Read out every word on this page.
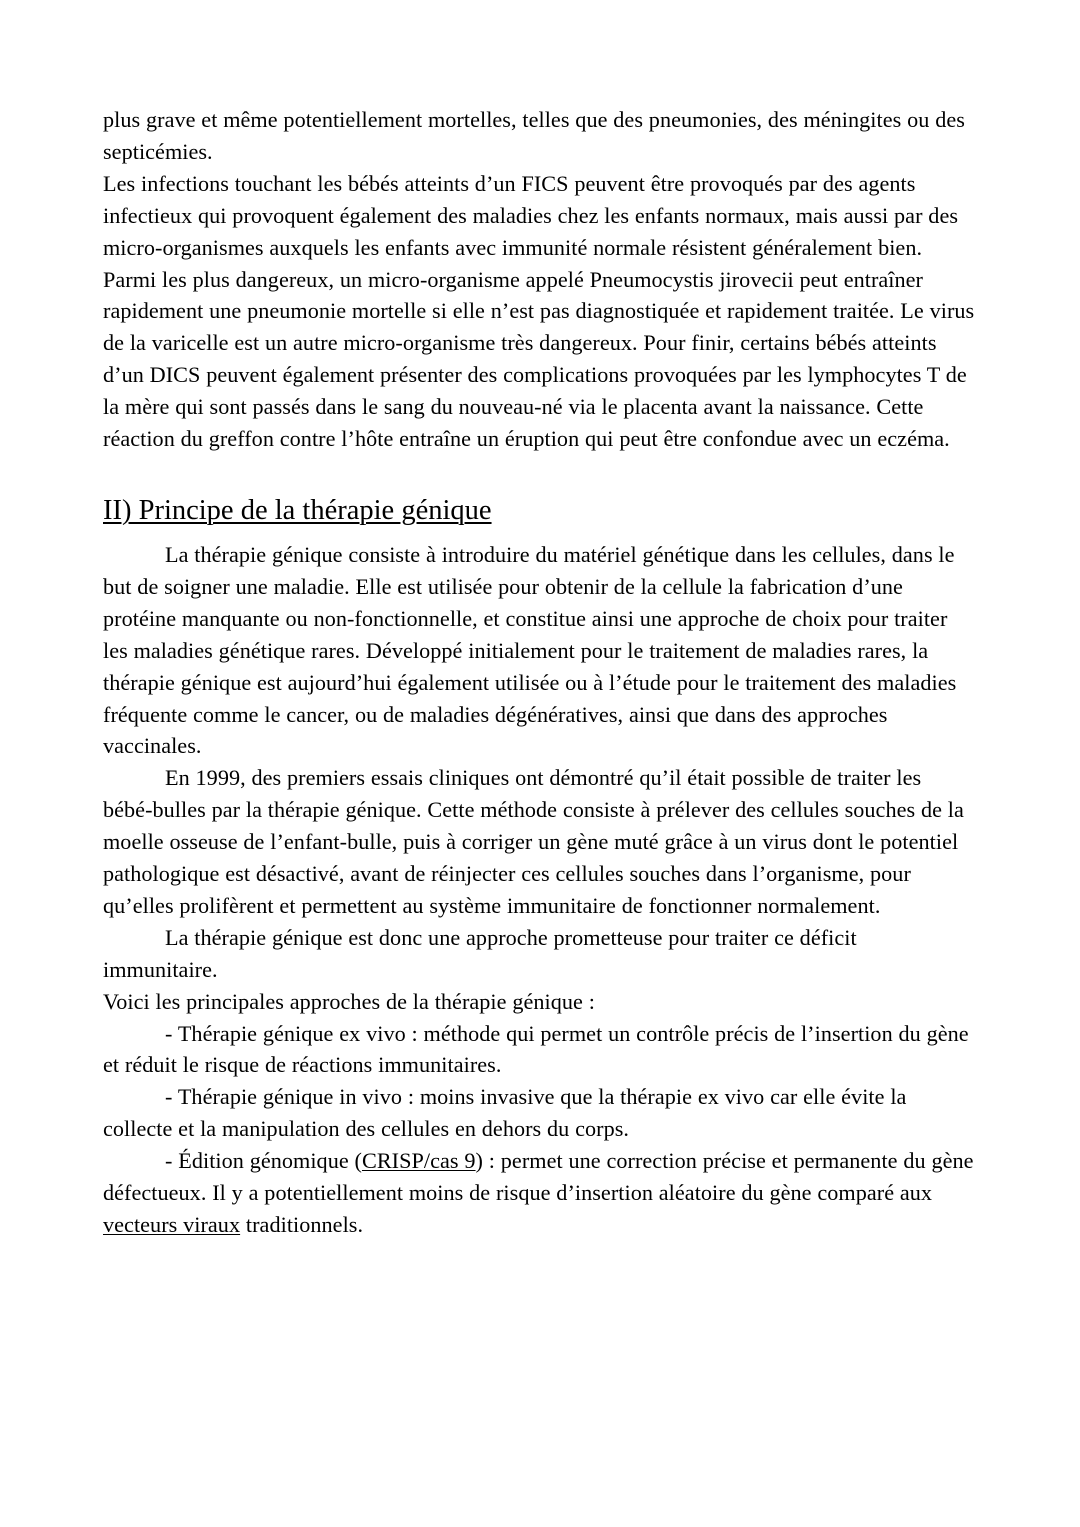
plus grave et même potentiellement mortelles, telles que des pneumonies, des méningites ou des septicémies.

Les infections touchant les bébés atteints d’un FICS peuvent être provoqués par des agents infectieux qui provoquent également des maladies chez les enfants normaux, mais aussi par des micro-organismes auxquels les enfants avec immunité normale résistent généralement bien. Parmi les plus dangereux, un micro-organisme appelé Pneumocystis jirovecii peut entraîner rapidement une pneumonie mortelle si elle n’est pas diagnostiquée et rapidement traitée. Le virus de la varicelle est un autre micro-organisme très dangereux. Pour finir, certains bébés atteints d’un DICS peuvent également présenter des complications provoquées par les lymphocytes T de la mère qui sont passés dans le sang du nouveau-né via le placenta avant la naissance. Cette réaction du greffon contre l’hôte entraîne un éruption qui peut être confondue avec un eczéma.

II) Principe de la thérapie génique

La thérapie génique consiste à introduire du matériel génétique dans les cellules, dans le but de soigner une maladie. Elle est utilisée pour obtenir de la cellule la fabrication d’une protéine manquante ou non-fonctionnelle, et constitue ainsi une approche de choix pour traiter les maladies génétique rares. Développé initialement pour le traitement de maladies rares, la thérapie génique est aujourd’hui également utilisée ou à l’étude pour le traitement des maladies fréquente comme le cancer, ou de maladies dégénératives, ainsi que dans des approches vaccinales.

En 1999, des premiers essais cliniques ont démontré qu’il était possible de traiter les bébé-bulles par la thérapie génique. Cette méthode consiste à prélever des cellules souches de la moelle osseuse de l’enfant-bulle, puis à corriger un gène muté grâce à un virus dont le potentiel pathologique est désactivé, avant de réinjecter ces cellules souches dans l’organisme, pour qu’elles prolifèrent et permettent au système immunitaire de fonctionner normalement.

La thérapie génique est donc une approche prometteuse pour traiter ce déficit immunitaire.

Voici les principales approches de la thérapie génique :

- Thérapie génique ex vivo : méthode qui permet un contrôle précis de l’insertion du gène et réduit le risque de réactions immunitaires.

- Thérapie génique in vivo : moins invasive que la thérapie ex vivo car elle évite la collecte et la manipulation des cellules en dehors du corps.

- Édition génomique (CRISP/cas 9) : permet une correction précise et permanente du gène défectueux. Il y a potentiellement moins de risque d’insertion aléatoire du gène comparé aux vecteurs viraux traditionnels.
